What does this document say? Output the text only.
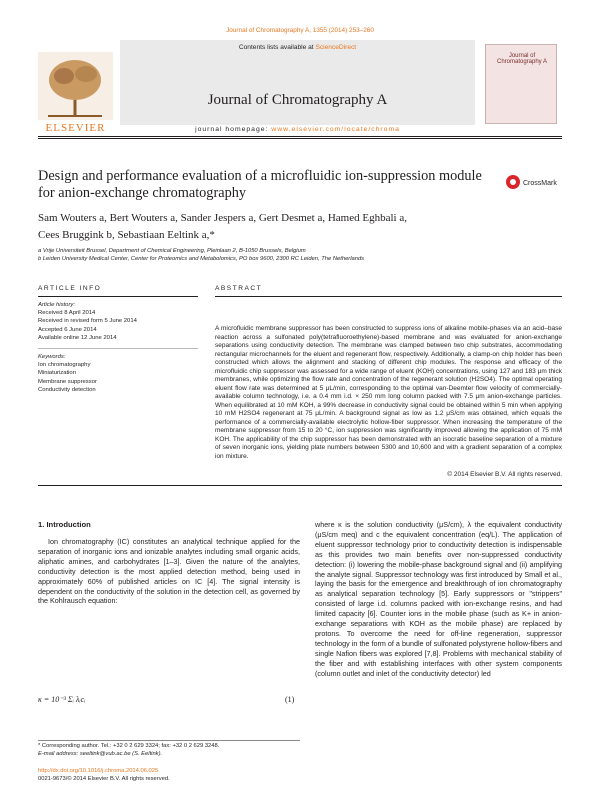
Journal of Chromatography A, 1355 (2014) 253–260
Contents lists available at ScienceDirect
Journal of Chromatography A
journal homepage: www.elsevier.com/locate/chroma
ELSEVIER
Journal of Chromatography A
Design and performance evaluation of a microfluidic ion-suppression module for anion-exchange chromatography
CrossMark
Sam Wouters a, Bert Wouters a, Sander Jespers a, Gert Desmet a, Hamed Eghbali a,
Cees Bruggink b, Sebastiaan Eeltink a,*
a Vrije Universiteit Brussel, Department of Chemical Engineering, Pleinlaan 2, B-1050 Brussels, Belgium
b Leiden University Medical Center, Center for Proteomics and Metabolomics, PO box 9600, 2300 RC Leiden, The Netherlands
ARTICLE INFO
Article history:
Received 8 April 2014
Received in revised form 5 June 2014
Accepted 6 June 2014
Available online 12 June 2014
Keywords:
Ion chromatography
Miniaturization
Membrane suppressor
Conductivity detection
ABSTRACT
A microfluidic membrane suppressor has been constructed to suppress ions of alkaline mobile-phases via an acid–base reaction across a sulfonated poly(tetrafluoroethylene)-based membrane and was evaluated for anion-exchange separations using conductivity detection. The membrane was clamped between two chip substrates, accommodating rectangular microchannels for the eluent and regenerant flow, respectively. Additionally, a clamp-on chip holder has been constructed which allows the alignment and stacking of different chip modules. The response and efficacy of the microfluidic chip suppressor was assessed for a wide range of eluent (KOH) concentrations, using 127 and 183 μm thick membranes, while optimizing the flow rate and concentration of the regenerant solution (H2SO4). The optimal operating eluent flow rate was determined at 5 μL/min, corresponding to the optimal van-Deemter flow velocity of commercially-available column technology, i.e. a 0.4 mm i.d. × 250 mm long column packed with 7.5 μm anion-exchange particles. When equilibrated at 10 mM KOH, a 99% decrease in conductivity signal could be obtained within 5 min when applying 10 mM H2SO4 regenerant at 75 μL/min. A background signal as low as 1.2 μS/cm was obtained, which equals the performance of a commercially-available electrolytic hollow-fiber suppressor. When increasing the temperature of the membrane suppressor from 15 to 20 °C, ion suppression was significantly improved allowing the application of 75 mM KOH. The applicability of the chip suppressor has been demonstrated with an isocratic baseline separation of a mixture of seven inorganic ions, yielding plate numbers between 5300 and 10,600 and with a gradient separation of a complex ion mixture.
© 2014 Elsevier B.V. All rights reserved.
1. Introduction
Ion chromatography (IC) constitutes an analytical technique applied for the separation of inorganic ions and ionizable analytes including small organic acids, aliphatic amines, and carbohydrates [1–3]. Given the nature of the analytes, conductivity detection is the most applied detection method, being used in approximately 60% of published articles on IC [4]. The signal intensity is dependent on the conductivity of the solution in the detection cell, as governed by the Kohlrausch equation:
κ = 10⁻³ Σᵢ λᵢcᵢ	(1)
where κ is the solution conductivity (μS/cm), λ the equivalent conductivity (μS/cm meq) and c the equivalent concentration (eq/L). The application of eluent suppressor technology prior to conductivity detection is indispensable as this provides two main benefits over non-suppressed conductivity detection: (i) lowering the mobile-phase background signal and (ii) amplifying the analyte signal. Suppressor technology was first introduced by Small et al., laying the basis for the emergence and breakthrough of ion chromatography as analytical separation technology [5]. Early suppressors or "strippers" consisted of large i.d. columns packed with ion-exchange resins, and had limited capacity [6]. Counter ions in the mobile phase (such as K+ in anion-exchange separations with KOH as the mobile phase) are replaced by protons. To overcome the need for off-line regeneration, suppressor technology in the form of a bundle of sulfonated polystyrene hollow-fibers and single Nafion fibers was explored [7,8]. Problems with mechanical stability of the fiber and with establishing interfaces with other system components (column outlet and inlet of the conductivity detector) led
* Corresponding author. Tel.: +32 0 2 629 3324; fax: +32 0 2 629 3248.
E-mail address: seeltink@vub.ac.be (S. Eeltink).
http://dx.doi.org/10.1016/j.chroma.2014.06.025
0021-9673/© 2014 Elsevier B.V. All rights reserved.
